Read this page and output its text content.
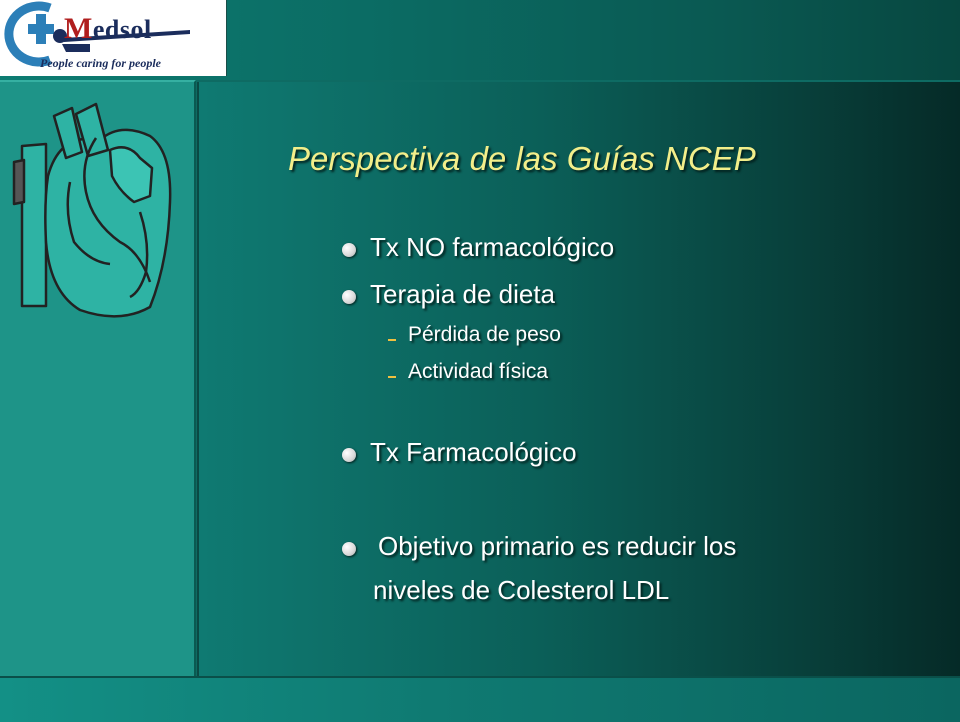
Medsol
People caring for people
Perspectiva de las Guías NCEP
Tx NO farmacológico
Terapia de dieta
Pérdida de peso
Actividad física
Tx Farmacológico
Objetivo primario es reducir los
niveles de Colesterol LDL
